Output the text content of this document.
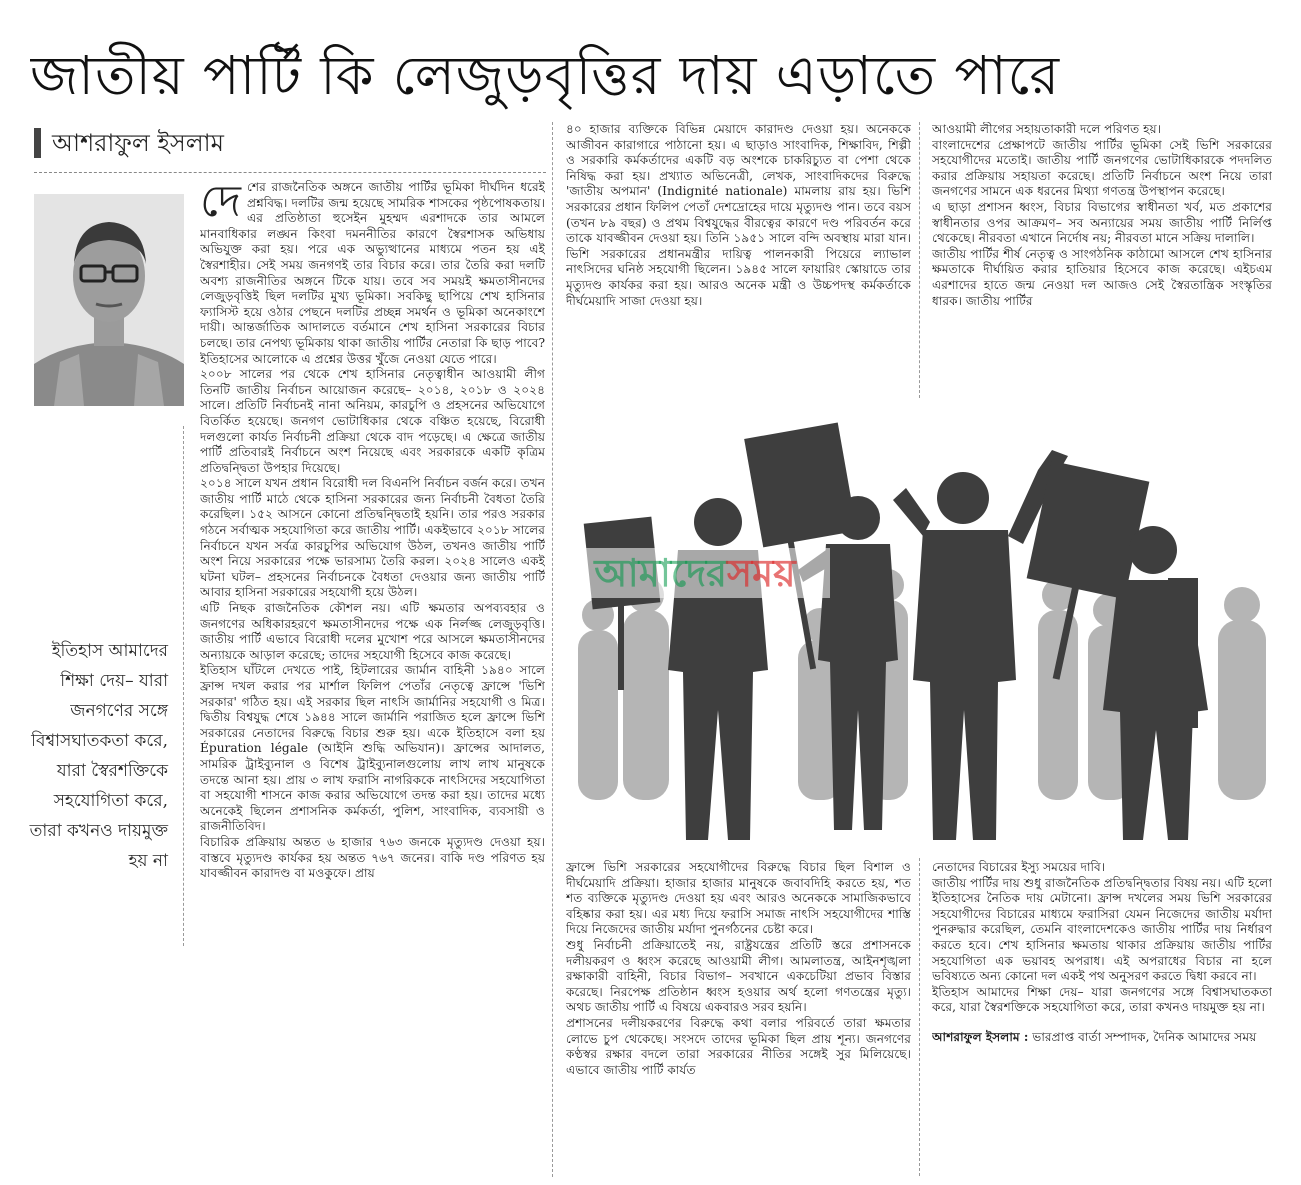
জাতীয় পার্টি কি লেজুড়বৃত্তির দায় এড়াতে পারে
আশরাফুল ইসলাম
ইতিহাস আমাদের শিক্ষা দেয়– যারা জনগণের সঙ্গে বিশ্বাসঘাতকতা করে, যারা স্বৈরশক্তিকে সহযোগিতা করে, তারা কখনও দায়মুক্ত হয় না

দেশের রাজনৈতিক অঙ্গনে জাতীয় পার্টির ভূমিকা দীর্ঘদিন ধরেই প্রশ্নবিদ্ধ। দলটির জন্ম হয়েছে সামরিক শাসকের পৃষ্ঠপোষকতায়। এর প্রতিষ্ঠাতা হুসেইন মুহম্মদ এরশাদকে তার আমলে মানবাধিকার লঙ্ঘন কিংবা দমননীতির কারণে স্বৈরশাসক অভিধায় অভিযুক্ত করা হয়। পরে এক অভ্যুত্থানের মাধ্যমে পতন হয় এই স্বৈরশাহীর। সেই সময় জনগণই তার বিচার করে। তার তৈরি করা দলটি অবশ্য রাজনীতির অঙ্গনে টিকে যায়। তবে সব সময়ই ক্ষমতাসীনদের লেজুড়বৃত্তিই ছিল দলটির মুখ্য ভূমিকা। সবকিছু ছাপিয়ে শেখ হাসিনার ফ্যাসিস্ট হয়ে ওঠার পেছনে দলটির প্রচ্ছন্ন সমর্থন ও ভূমিকা অনেকাংশে দায়ী। আন্তর্জাতিক আদালতে বর্তমানে শেখ হাসিনা সরকারের বিচার চলছে। তার নেপথ্য ভূমিকায় থাকা জাতীয় পার্টির নেতারা কি ছাড় পাবে? ইতিহাসের আলোকে এ প্রশ্নের উত্তর খুঁজে নেওয়া যেতে পারে।

২০০৮ সালের পর থেকে শেখ হাসিনার নেতৃত্বাধীন আওয়ামী লীগ তিনটি জাতীয় নির্বাচন আয়োজন করেছে– ২০১৪, ২০১৮ ও ২০২৪ সালে। প্রতিটি নির্বাচনই নানা অনিয়ম, কারচুপি ও প্রহসনের অভিযোগে বিতর্কিত হয়েছে। জনগণ ভোটাধিকার থেকে বঞ্চিত হয়েছে, বিরোধী দলগুলো কার্যত নির্বাচনী প্রক্রিয়া থেকে বাদ পড়েছে। এ ক্ষেত্রে জাতীয় পার্টি প্রতিবারই নির্বাচনে অংশ নিয়েছে এবং সরকারকে একটি কৃত্রিম প্রতিদ্বন্দ্বিতা উপহার দিয়েছে।

২০১৪ সালে যখন প্রধান বিরোধী দল বিএনপি নির্বাচন বর্জন করে। তখন জাতীয় পার্টি মাঠে থেকে হাসিনা সরকারের জন্য নির্বাচনী বৈধতা তৈরি করেছিল। ১৫২ আসনে কোনো প্রতিদ্বন্দ্বিতাই হয়নি। তার পরও সরকার গঠনে সর্বাত্মক সহযোগিতা করে জাতীয় পার্টি। একইভাবে ২০১৮ সালের নির্বাচনে যখন সর্বত্র কারচুপির অভিযোগ উঠল, তখনও জাতীয় পার্টি অংশ নিয়ে সরকারের পক্ষে ভারসাম্য তৈরি করল। ২০২৪ সালেও একই ঘটনা ঘটল– প্রহসনের নির্বাচনকে বৈধতা দেওয়ার জন্য জাতীয় পার্টি আবার হাসিনা সরকারের সহযোগী হয়ে উঠল।

এটি নিছক রাজনৈতিক কৌশল নয়। এটি ক্ষমতার অপব্যবহার ও জনগণের অধিকারহরণে ক্ষমতাসীনদের পক্ষে এক নির্লজ্জ লেজুড়বৃত্তি। জাতীয় পার্টি এভাবে বিরোধী দলের মুখোশ পরে আসলে ক্ষমতাসীনদের অন্যায়কে আড়াল করেছে; তাদের সহযোগী হিসেবে কাজ করেছে।

ইতিহাস ঘাঁটলে দেখতে পাই, হিটলারের জার্মান বাহিনী ১৯৪০ সালে ফ্রান্স দখল করার পর মার্শাল ফিলিপ পেতাঁর নেতৃত্বে ফ্রান্সে 'ভিশি সরকার' গঠিত হয়। এই সরকার ছিল নাৎসি জার্মানির সহযোগী ও মিত্র। দ্বিতীয় বিশ্বযুদ্ধ শেষে ১৯৪৪ সালে জার্মানি পরাজিত হলে ফ্রান্সে ভিশি সরকারের নেতাদের বিরুদ্ধে বিচার শুরু হয়। একে ইতিহাসে বলা হয় Épuration légale (আইনি শুদ্ধি অভিযান)। ফ্রান্সের আদালত, সামরিক ট্রাইব্যুনাল ও বিশেষ ট্রাইব্যুনালগুলোয় লাখ লাখ মানুষকে তদন্তে আনা হয়। প্রায় ৩ লাখ ফরাসি নাগরিককে নাৎসিদের সহযোগিতা বা সহযোগী শাসনে কাজ করার অভিযোগে তদন্ত করা হয়। তাদের মধ্যে অনেকেই ছিলেন প্রশাসনিক কর্মকর্তা, পুলিশ, সাংবাদিক, ব্যবসায়ী ও রাজনীতিবিদ।

বিচারিক প্রক্রিয়ায় অন্তত ৬ হাজার ৭৬৩ জনকে মৃত্যুদণ্ড দেওয়া হয়। বাস্তবে মৃত্যুদণ্ড কার্যকর হয় অন্তত ৭৬৭ জনের। বাকি দণ্ড পরিণত হয় যাবজ্জীবন কারাদণ্ড বা মওকুফে। প্রায়

৪০ হাজার ব্যক্তিকে বিভিন্ন মেয়াদে কারাদণ্ড দেওয়া হয়। অনেককে আজীবন কারাগারে পাঠানো হয়। এ ছাড়াও সাংবাদিক, শিক্ষাবিদ, শিল্পী ও সরকারি কর্মকর্তাদের একটি বড় অংশকে চাকরিচ্যুত বা পেশা থেকে নিষিদ্ধ করা হয়। প্রখ্যাত অভিনেত্রী, লেখক, সাংবাদিকদের বিরুদ্ধে 'জাতীয় অপমান' (Indignité nationale) মামলায় রায় হয়। ভিশি সরকারের প্রধান ফিলিপ পেতাঁ দেশদ্রোহের দায়ে মৃত্যুদণ্ড পান। তবে বয়স (তখন ৮৯ বছর) ও প্রথম বিশ্বযুদ্ধের বীরত্বের কারণে দণ্ড পরিবর্তন করে তাকে যাবজ্জীবন দেওয়া হয়। তিনি ১৯৫১ সালে বন্দি অবস্থায় মারা যান। ভিশি সরকারের প্রধানমন্ত্রীর দায়িত্ব পালনকারী পিয়েরে ল্যাভাল নাৎসিদের ঘনিষ্ঠ সহযোগী ছিলেন। ১৯৪৫ সালে ফায়ারিং স্কোয়াডে তার মৃত্যুদণ্ড কার্যকর করা হয়। আরও অনেক মন্ত্রী ও উচ্চপদস্থ কর্মকর্তাকে দীর্ঘমেয়াদি সাজা দেওয়া হয়।

আওয়ামী লীগের সহায়তাকারী দলে পরিণত হয়।

বাংলাদেশের প্রেক্ষাপটে জাতীয় পার্টির ভূমিকা সেই ভিশি সরকারের সহযোগীদের মতোই। জাতীয় পার্টি জনগণের ভোটাধিকারকে পদদলিত করার প্রক্রিয়ায় সহায়তা করেছে। প্রতিটি নির্বাচনে অংশ নিয়ে তারা জনগণের সামনে এক ধরনের মিথ্যা গণতন্ত্র উপস্থাপন করেছে।

এ ছাড়া প্রশাসন ধ্বংস, বিচার বিভাগের স্বাধীনতা খর্ব, মত প্রকাশের স্বাধীনতার ওপর আক্রমণ– সব অন্যায়ের সময় জাতীয় পার্টি নির্লিপ্ত থেকেছে। নীরবতা এখানে নির্দোষ নয়; নীরবতা মানে সক্রিয় দালালি।

জাতীয় পার্টির শীর্ষ নেতৃত্ব ও সাংগঠনিক কাঠামো আসলে শেখ হাসিনার ক্ষমতাকে দীর্ঘায়িত করার হাতিয়ার হিসেবে কাজ করেছে। এইচএম এরশাদের হাতে জন্ম নেওয়া দল আজও সেই স্বৈরতান্ত্রিক সংস্কৃতির ধারক। জাতীয় পার্টির

আমাদেরসময়

ফ্রান্সে ভিশি সরকারের সহযোগীদের বিরুদ্ধে বিচার ছিল বিশাল ও দীর্ঘমেয়াদি প্রক্রিয়া। হাজার হাজার মানুষকে জবাবদিহি করতে হয়, শত শত ব্যক্তিকে মৃত্যুদণ্ড দেওয়া হয় এবং আরও অনেককে সামাজিকভাবে বহিষ্কার করা হয়। এর মধ্য দিয়ে ফরাসি সমাজ নাৎসি সহযোগীদের শাস্তি দিয়ে নিজেদের জাতীয় মর্যাদা পুনর্গঠনের চেষ্টা করে।

শুধু নির্বাচনী প্রক্রিয়াতেই নয়, রাষ্ট্রযন্ত্রের প্রতিটি স্তরে প্রশাসনকে দলীয়করণ ও ধ্বংস করেছে আওয়ামী লীগ। আমলাতন্ত্র, আইনশৃঙ্খলা রক্ষাকারী বাহিনী, বিচার বিভাগ– সবখানে একচেটিয়া প্রভাব বিস্তার করেছে। নিরপেক্ষ প্রতিষ্ঠান ধ্বংস হওয়ার অর্থ হলো গণতন্ত্রের মৃত্যু। অথচ জাতীয় পার্টি এ বিষয়ে একবারও সরব হয়নি।

প্রশাসনের দলীয়করণের বিরুদ্ধে কথা বলার পরিবর্তে তারা ক্ষমতার লোভে চুপ থেকেছে। সংসদে তাদের ভূমিকা ছিল প্রায় শূন্য। জনগণের কণ্ঠস্বর রক্ষার বদলে তারা সরকারের নীতির সঙ্গেই সুর মিলিয়েছে। এভাবে জাতীয় পার্টি কার্যত

নেতাদের বিচারের ইস্যু সময়ের দাবি।

জাতীয় পার্টির দায় শুধু রাজনৈতিক প্রতিদ্বন্দ্বিতার বিষয় নয়। এটি হলো ইতিহাসের নৈতিক দায় মেটানো। ফ্রান্স দখলের সময় ভিশি সরকারের সহযোগীদের বিচারের মাধ্যমে ফরাসিরা যেমন নিজেদের জাতীয় মর্যাদা পুনরুদ্ধার করেছিল, তেমনি বাংলাদেশকেও জাতীয় পার্টির দায় নির্ধারণ করতে হবে। শেখ হাসিনার ক্ষমতায় থাকার প্রক্রিয়ায় জাতীয় পার্টির সহযোগিতা এক ভয়াবহ অপরাধ। এই অপরাধের বিচার না হলে ভবিষ্যতে অন্য কোনো দল একই পথ অনুসরণ করতে দ্বিধা করবে না।

ইতিহাস আমাদের শিক্ষা দেয়– যারা জনগণের সঙ্গে বিশ্বাসঘাতকতা করে, যারা স্বৈরশক্তিকে সহযোগিতা করে, তারা কখনও দায়মুক্ত হয় না।

আশরাফুল ইসলাম : ভারপ্রাপ্ত বার্তা সম্পাদক, দৈনিক আমাদের সময়
